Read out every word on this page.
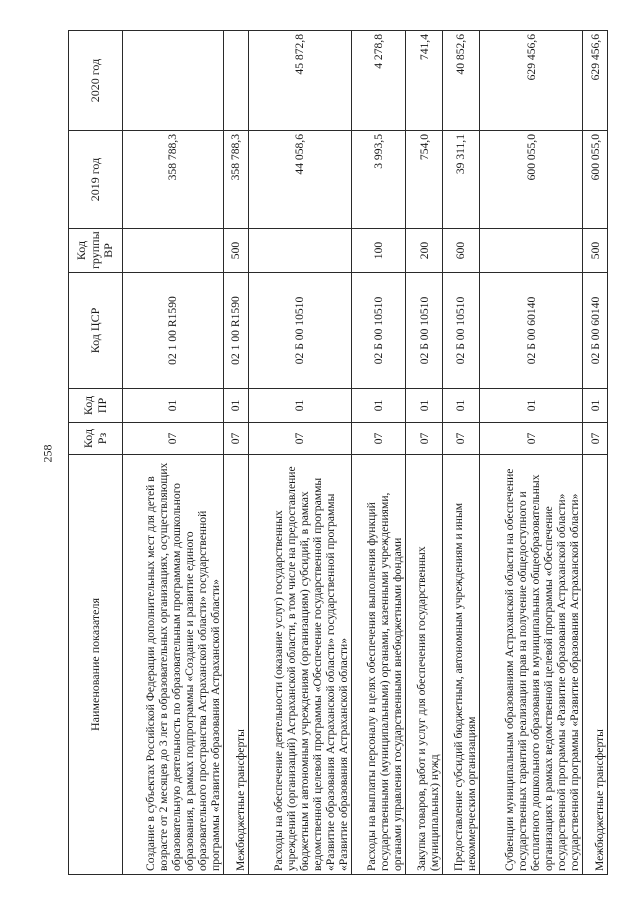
258
Наименование показателя	Код Рз	Код ПР	Код ЦСР	Код группы ВР	2019 год	2020 год
Создание в субъектах Российской Федерации дополнительных мест для детей в возрасте от 2 месяцев до 3 лет в образовательных организациях, осуществляющих образовательную деятельность по образовательным программам дошкольного образования, в рамках подпрограммы «Создание и развитие единого образовательного пространства Астраханской области» государственной программы «Развитие образования Астраханской области»	07	01	02 1 00 R1590		358 788,3	
Межбюджетные трансферты	07	01	02 1 00 R1590	500	358 788,3	
Расходы на обеспечение деятельности (оказание услуг) государственных учреждений (организаций) Астраханской области, в том числе на предоставление бюджетным и автономным учреждениям (организациям) субсидий, в рамках ведомственной целевой программы «Обеспечение государственной программы «Развитие образования Астраханской области» государственной программы «Развитие образования Астраханской области»	07	01	02 Б 00 10510		44 058,6	45 872,8
Расходы на выплаты персоналу в целях обеспечения выполнения функций государственными (муниципальными) органами, казенными учреждениями, органами управления государственными внебюджетными фондами	07	01	02 Б 00 10510	100	3 993,5	4 278,8
Закупка товаров, работ и услуг для обеспечения государственных (муниципальных) нужд	07	01	02 Б 00 10510	200	754,0	741,4
Предоставление субсидий бюджетным, автономным учреждениям и иным некоммерческим организациям	07	01	02 Б 00 10510	600	39 311,1	40 852,6
Субвенции муниципальным образованиям Астраханской области на обеспечение государственных гарантий реализации прав на получение общедоступного и бесплатного дошкольного образования в муниципальных общеобразовательных организациях в рамках ведомственной целевой программы «Обеспечение государственной программы «Развитие образования Астраханской области» государственной программы «Развитие образования Астраханской области»	07	01	02 Б 00 60140		600 055,0	629 456,6
Межбюджетные трансферты	07	01	02 Б 00 60140	500	600 055,0	629 456,6
